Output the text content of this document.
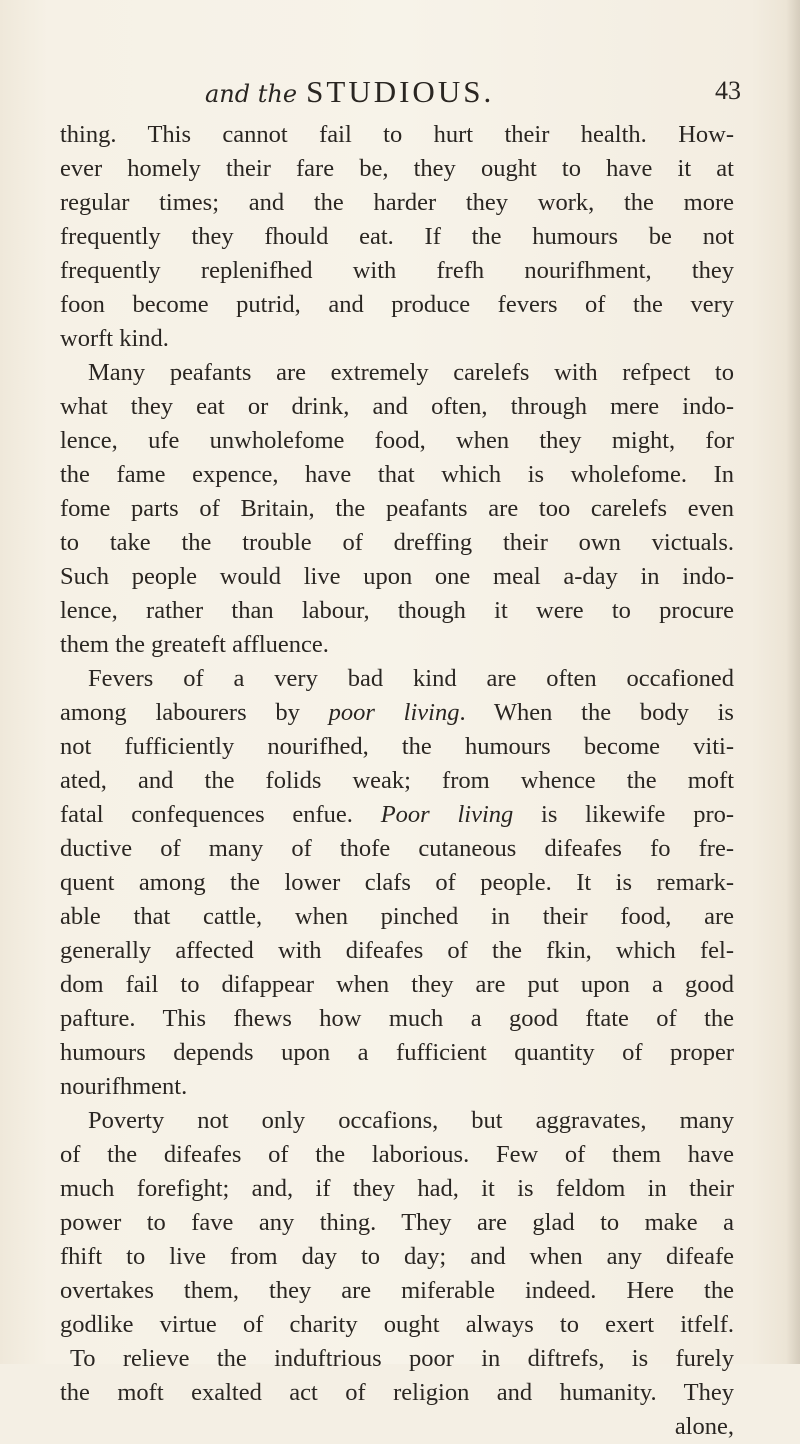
and the STUDIOUS.	43
thing. This cannot fail to hurt their health. How-
ever homely their fare be, they ought to have it at
regular times; and the harder they work, the more
frequently they fhould eat. If the humours be not
frequently replenifhed with frefh nourifhment, they
foon become putrid, and produce fevers of the very
worft kind.
Many peafants are extremely carelefs with refpect to
what they eat or drink, and often, through mere indo-
lence, ufe unwholefome food, when they might, for
the fame expence, have that which is wholefome. In
fome parts of Britain, the peafants are too carelefs even
to take the trouble of dreffing their own victuals.
Such people would live upon one meal a-day in indo-
lence, rather than labour, though it were to procure
them the greateft affluence.
Fevers of a very bad kind are often occafioned
among labourers by poor living. When the body is
not fufficiently nourifhed, the humours become viti-
ated, and the folids weak; from whence the moft
fatal confequences enfue. Poor living is likewife pro-
ductive of many of thofe cutaneous difeafes fo fre-
quent among the lower clafs of people. It is remark-
able that cattle, when pinched in their food, are
generally affected with difeafes of the fkin, which fel-
dom fail to difappear when they are put upon a good
pafture. This fhews how much a good ftate of the
humours depends upon a fufficient quantity of proper
nourifhment.
Poverty not only occafions, but aggravates, many
of the difeafes of the laborious. Few of them have
much forefight; and, if they had, it is feldom in their
power to fave any thing. They are glad to make a
fhift to live from day to day; and when any difeafe
overtakes them, they are miferable indeed. Here the
godlike virtue of charity ought always to exert itfelf.
To relieve the induftrious poor in diftrefs, is furely
the moft exalted act of religion and humanity. They
alone,
